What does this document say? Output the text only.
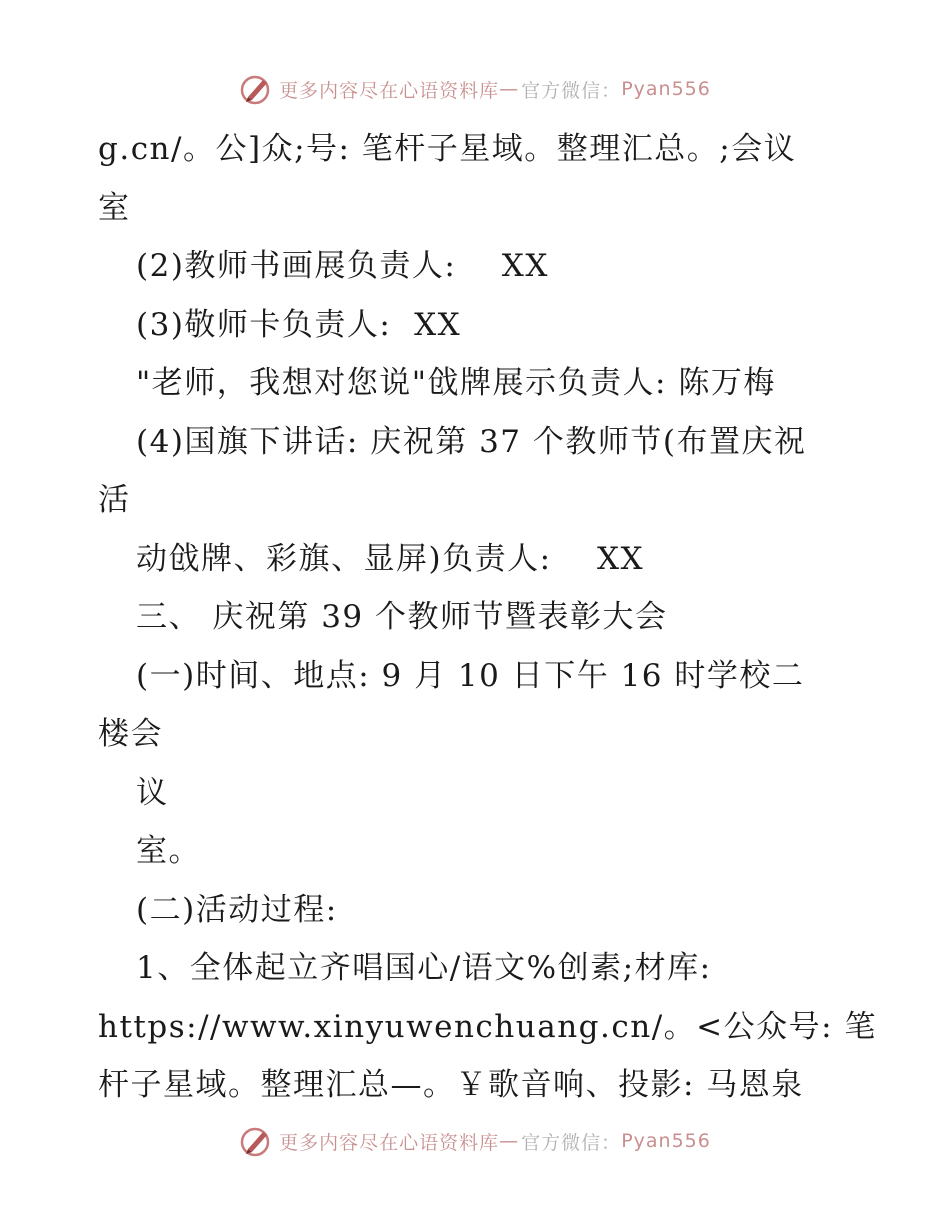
更多内容尽在心语资料库 — 官方微信： Pyan556
g.cn/。公]众;号: 笔杆子星域。整理汇总。;会议
室
(2)教师书画展负责人:    XX
(3)敬师卡负责人:  XX
"老师，我想对您说"戗牌展示负责人: 陈万梅
(4)国旗下讲话: 庆祝第 37 个教师节(布置庆祝
活
动戗牌、彩旗、显屏)负责人:    XX
三、 庆祝第 39 个教师节暨表彰大会
(一)时间、地点: 9 月 10 日下午 16 时学校二
楼会
议
室。
(二)活动过程:
1、全体起立齐唱国心/语文%创素;材库:
https://www.xinyuwenchuang.cn/。<公众号: 笔
杆子星域。整理汇总—。￥歌音响、投影: 马恩泉
更多内容尽在心语资料库 — 官方微信： Pyan556
